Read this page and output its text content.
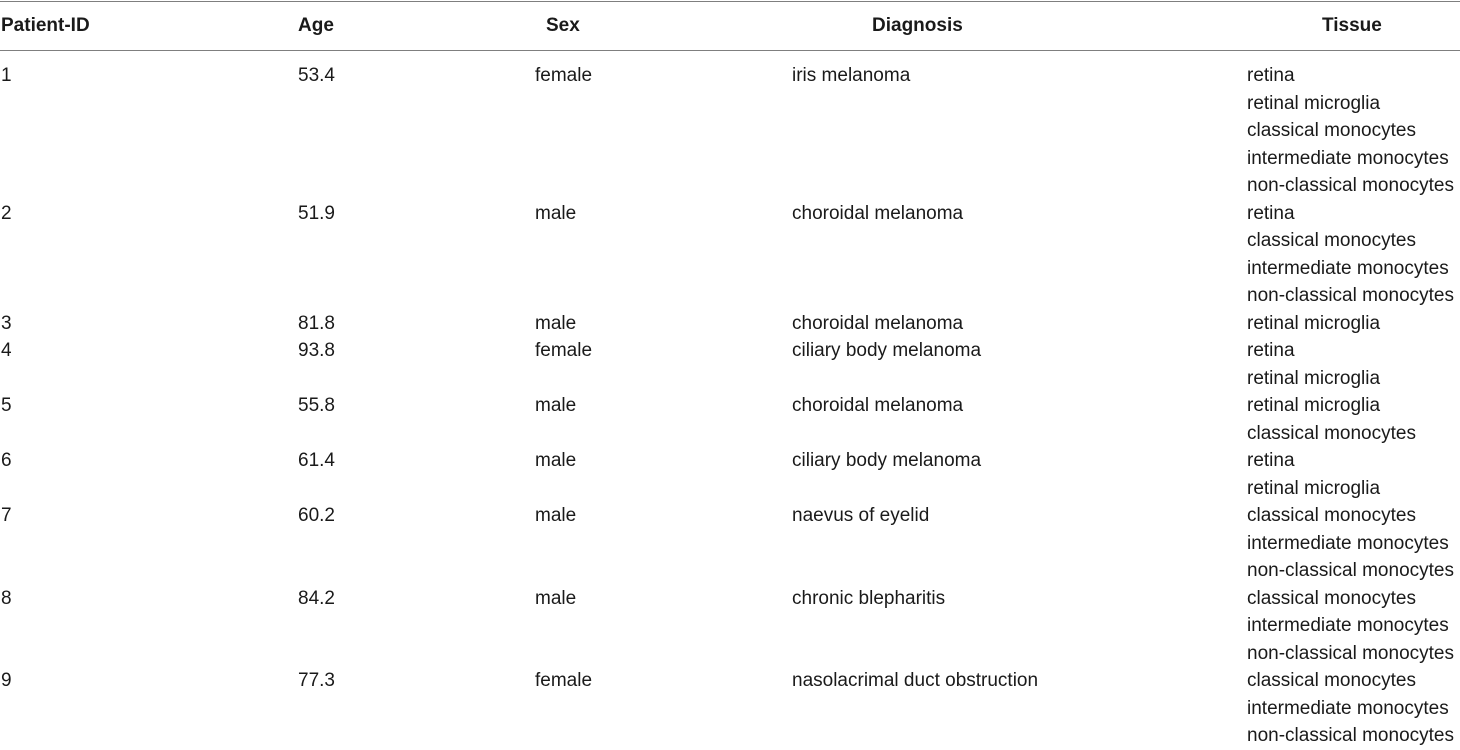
Patient-ID	Age	Sex	Diagnosis	Tissue
1	53.4	female	iris melanoma	retina
retinal microglia
classical monocytes
intermediate monocytes
non-classical monocytes
2	51.9	male	choroidal melanoma	retina
classical monocytes
intermediate monocytes
non-classical monocytes
3	81.8	male	choroidal melanoma	retinal microglia
4	93.8	female	ciliary body melanoma	retina
retinal microglia
5	55.8	male	choroidal melanoma	retinal microglia
classical monocytes
6	61.4	male	ciliary body melanoma	retina
retinal microglia
7	60.2	male	naevus of eyelid	classical monocytes
intermediate monocytes
non-classical monocytes
8	84.2	male	chronic blepharitis	classical monocytes
intermediate monocytes
non-classical monocytes
9	77.3	female	nasolacrimal duct obstruction	classical monocytes
intermediate monocytes
non-classical monocytes
